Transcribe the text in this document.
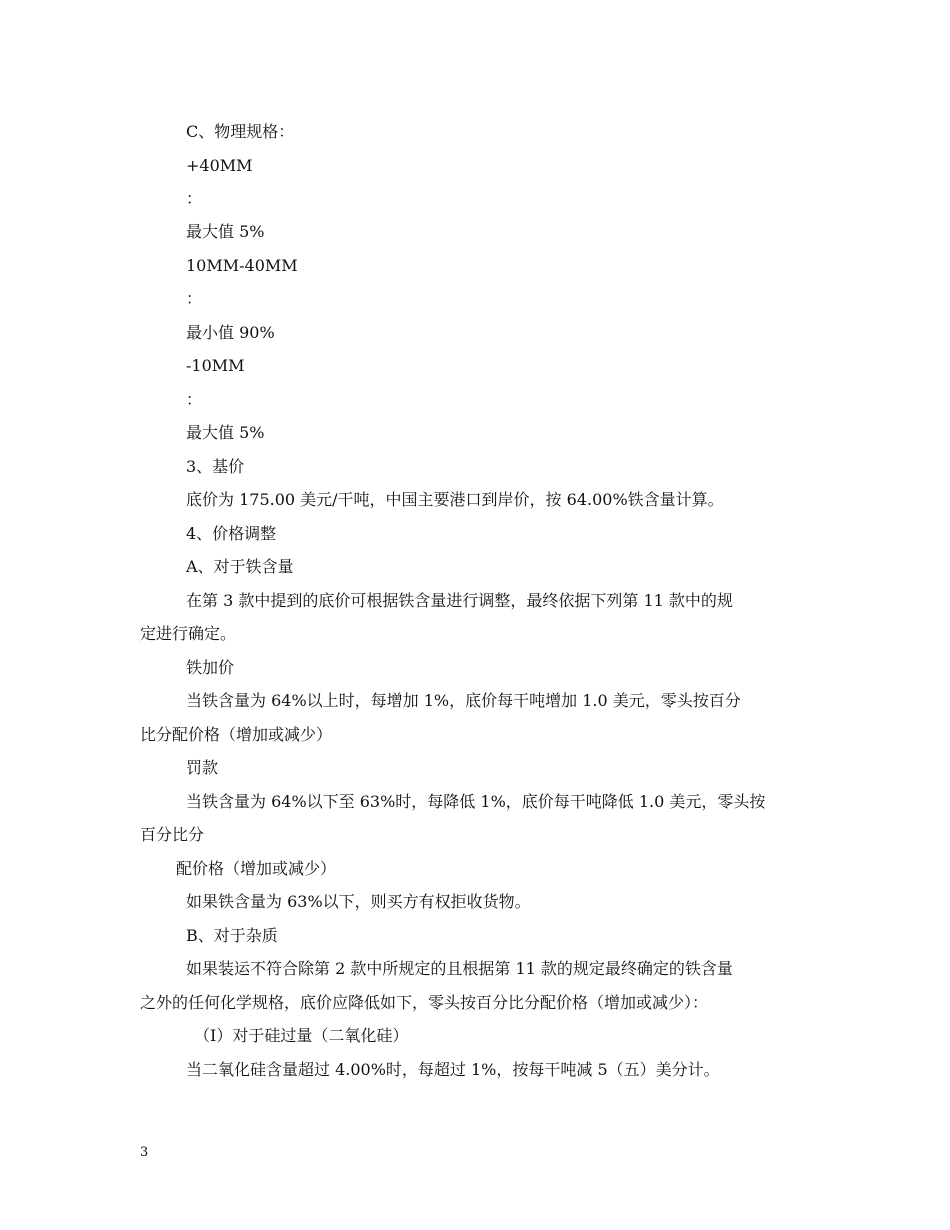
C、物理规格：
+40MM
：
最大值 5%
10MM-40MM
：
最小值 90%
-10MM
：
最大值 5%
3、基价
底价为 175.00 美元/干吨，中国主要港口到岸价，按 64.00%铁含量计算。
4、价格调整
A、对于铁含量
在第 3 款中提到的底价可根据铁含量进行调整，最终依据下列第 11 款中的规
定进行确定。
铁加价
当铁含量为 64%以上时，每增加 1%，底价每干吨增加 1.0 美元，零头按百分
比分配价格（增加或减少）
罚款
当铁含量为 64%以下至 63%时，每降低 1%，底价每干吨降低 1.0 美元，零头按
百分比分
配价格（增加或减少）
如果铁含量为 63%以下，则买方有权拒收货物。
B、对于杂质
如果装运不符合除第 2 款中所规定的且根据第 11 款的规定最终确定的铁含量
之外的任何化学规格，底价应降低如下，零头按百分比分配价格（增加或减少）：
（I）对于硅过量（二氧化硅）
当二氧化硅含量超过 4.00%时，每超过 1%，按每干吨减 5（五）美分计。
3
